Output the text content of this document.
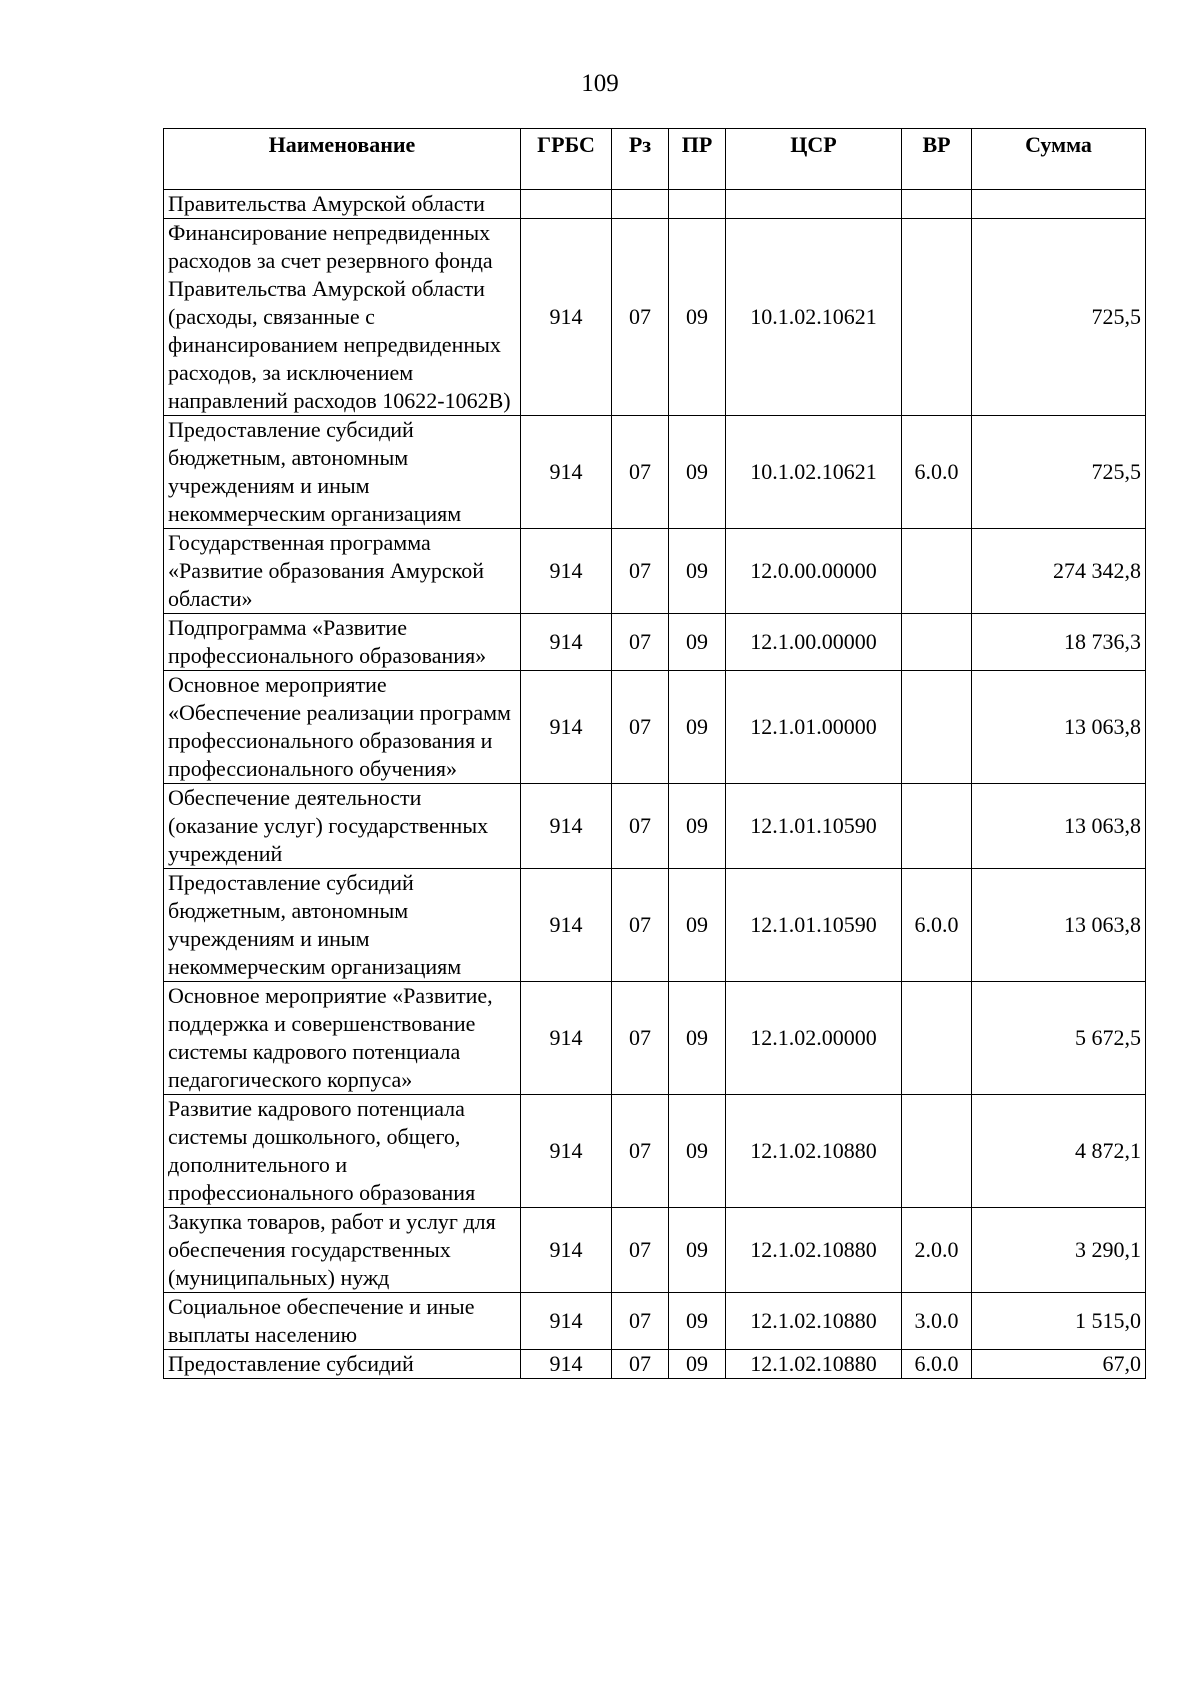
109
Наименование	ГРБС	Рз	ПР	ЦСР	ВР	Сумма
Правительства Амурской области						
Финансирование непредвиденных расходов за счет резервного фонда Правительства Амурской области (расходы, связанные с финансированием непредвиденных расходов, за исключением направлений расходов 10622-1062В)	914	07	09	10.1.02.10621		725,5
Предоставление субсидий бюджетным, автономным учреждениям и иным некоммерческим организациям	914	07	09	10.1.02.10621	6.0.0	725,5
Государственная программа «Развитие образования Амурской области»	914	07	09	12.0.00.00000		274 342,8
Подпрограмма «Развитие профессионального образования»	914	07	09	12.1.00.00000		18 736,3
Основное мероприятие «Обеспечение реализации программ профессионального образования и профессионального обучения»	914	07	09	12.1.01.00000		13 063,8
Обеспечение деятельности (оказание услуг) государственных учреждений	914	07	09	12.1.01.10590		13 063,8
Предоставление субсидий бюджетным, автономным учреждениям и иным некоммерческим организациям	914	07	09	12.1.01.10590	6.0.0	13 063,8
Основное мероприятие «Развитие, поддержка и совершенствование системы кадрового потенциала педагогического корпуса»	914	07	09	12.1.02.00000		5 672,5
Развитие кадрового потенциала системы дошкольного, общего, дополнительного и профессионального образования	914	07	09	12.1.02.10880		4 872,1
Закупка товаров, работ и услуг для обеспечения государственных (муниципальных) нужд	914	07	09	12.1.02.10880	2.0.0	3 290,1
Социальное обеспечение и иные выплаты населению	914	07	09	12.1.02.10880	3.0.0	1 515,0
Предоставление субсидий	914	07	09	12.1.02.10880	6.0.0	67,0
